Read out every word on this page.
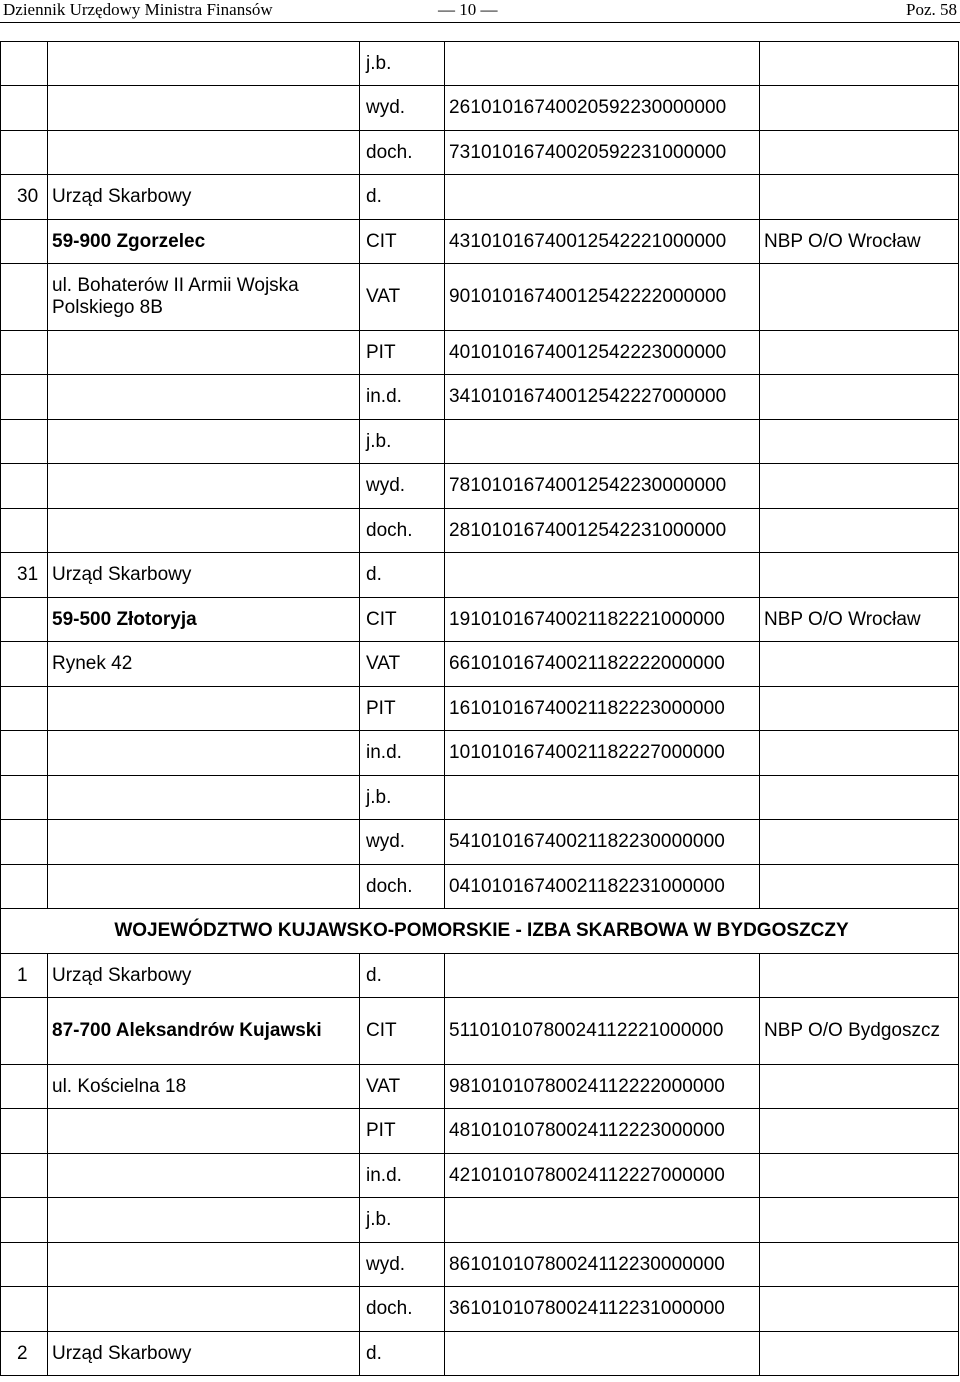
Dziennik Urzędowy Ministra Finansów	— 10 —	Poz. 58
		j.b.		
		wyd.	26101016740020592230000000	
		doch.	73101016740020592231000000	
30	Urząd Skarbowy	d.		
	59-900 Zgorzelec	CIT	43101016740012542221000000	NBP O/O Wrocław
	ul. Bohaterów II Armii Wojska Polskiego 8B	VAT	90101016740012542222000000	
		PIT	40101016740012542223000000	
		in.d.	34101016740012542227000000	
		j.b.		
		wyd.	78101016740012542230000000	
		doch.	28101016740012542231000000	
31	Urząd Skarbowy	d.		
	59-500 Złotoryja	CIT	19101016740021182221000000	NBP O/O Wrocław
	Rynek 42	VAT	66101016740021182222000000	
		PIT	16101016740021182223000000	
		in.d.	10101016740021182227000000	
		j.b.		
		wyd.	54101016740021182230000000	
		doch.	04101016740021182231000000	
WOJEWÓDZTWO KUJAWSKO-POMORSKIE - IZBA SKARBOWA W BYDGOSZCZY				
1	Urząd Skarbowy	d.		
	87-700 Aleksandrów Kujawski	CIT	51101010780024112221000000	NBP O/O Bydgoszcz
	ul. Kościelna 18	VAT	98101010780024112222000000	
		PIT	48101010780024112223000000	
		in.d.	42101010780024112227000000	
		j.b.		
		wyd.	86101010780024112230000000	
		doch.	36101010780024112231000000	
2	Urząd Skarbowy	d.		
